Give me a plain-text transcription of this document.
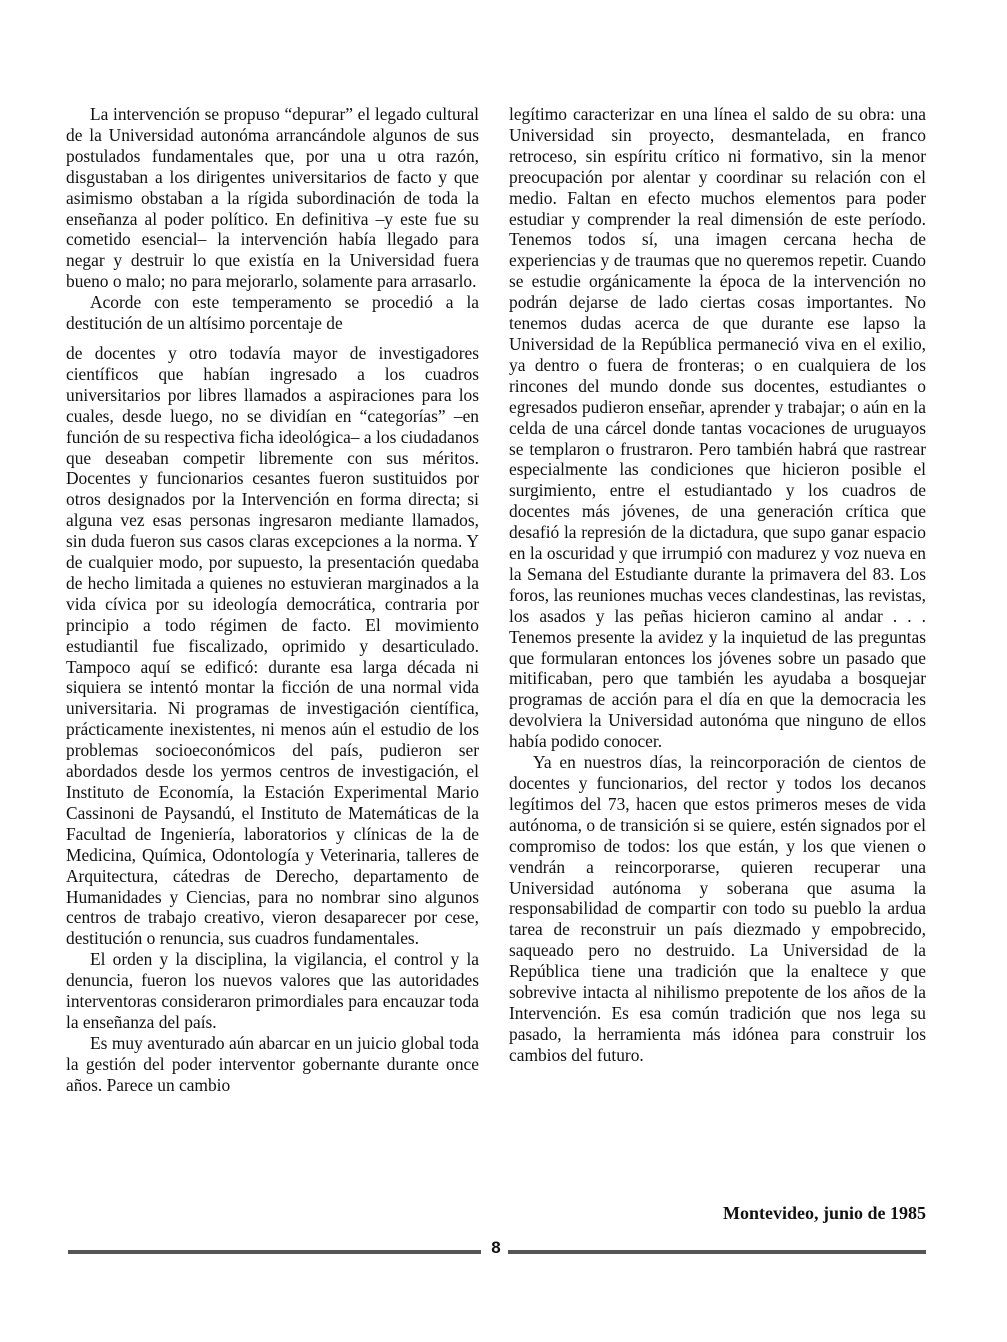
La intervención se propuso “depurar” el legado cultural de la Universidad autonóma arrancándole algunos de sus postulados fundamentales que, por una u otra razón, disgustaban a los dirigentes universitarios de facto y que asimismo obstaban a la rígida subordinación de toda la enseñanza al poder político. En definitiva –y este fue su cometido esencial– la intervención había llegado para negar y destruir lo que existía en la Universidad fuera bueno o malo; no para mejorarlo, solamente para arrasarlo.

Acorde con este temperamento se procedió a la destitución de un altísimo porcentaje de

de docentes y otro todavía mayor de investigadores científicos que habían ingresado a los cuadros universitarios por libres llamados a aspiraciones para los cuales, desde luego, no se dividían en “categorías” –en función de su respectiva ficha ideológica– a los ciudadanos que deseaban competir libremente con sus méritos. Docentes y funcionarios cesantes fueron sustituidos por otros designados por la Intervención en forma directa; si alguna vez esas personas ingresaron mediante llamados, sin duda fueron sus casos claras excepciones a la norma. Y de cualquier modo, por supuesto, la presentación quedaba de hecho limitada a quienes no estuvieran marginados a la vida cívica por su ideología democrática, contraria por principio a todo régimen de facto. El movimiento estudiantil fue fiscalizado, oprimido y desarticulado. Tampoco aquí se edificó: durante esa larga década ni siquiera se intentó montar la ficción de una normal vida universitaria. Ni programas de investigación científica, prácticamente inexistentes, ni menos aún el estudio de los problemas socioeconómicos del país, pudieron ser abordados desde los yermos centros de investigación, el Instituto de Economía, la Estación Experimental Mario Cassinoni de Paysandú, el Instituto de Matemáticas de la Facultad de Ingeniería, laboratorios y clínicas de la de Medicina, Química, Odontología y Veterinaria, talleres de Arquitectura, cátedras de Derecho, departamento de Humanidades y Ciencias, para no nombrar sino algunos centros de trabajo creativo, vieron desaparecer por cese, destitución o renuncia, sus cuadros fundamentales.

El orden y la disciplina, la vigilancia, el control y la denuncia, fueron los nuevos valores que las autoridades interventoras consideraron primordiales para encauzar toda la enseñanza del país.

Es muy aventurado aún abarcar en un juicio global toda la gestión del poder interventor gobernante durante once años. Parece un cambio

legítimo caracterizar en una línea el saldo de su obra: una Universidad sin proyecto, desmantelada, en franco retroceso, sin espíritu crítico ni formativo, sin la menor preocupación por alentar y coordinar su relación con el medio. Faltan en efecto muchos elementos para poder estudiar y comprender la real dimensión de este período. Tenemos todos sí, una imagen cercana hecha de experiencias y de traumas que no queremos repetir. Cuando se estudie orgánicamente la época de la intervención no podrán dejarse de lado ciertas cosas importantes. No tenemos dudas acerca de que durante ese lapso la Universidad de la República permaneció viva en el exilio, ya dentro o fuera de fronteras; o en cualquiera de los rincones del mundo donde sus docentes, estudiantes o egresados pudieron enseñar, aprender y trabajar; o aún en la celda de una cárcel donde tantas vocaciones de uruguayos se templaron o frustraron. Pero también habrá que rastrear especialmente las condiciones que hicieron posible el surgimiento, entre el estudiantado y los cuadros de docentes más jóvenes, de una generación crítica que desafió la represión de la dictadura, que supo ganar espacio en la oscuridad y que irrumpió con madurez y voz nueva en la Semana del Estudiante durante la primavera del 83. Los foros, las reuniones muchas veces clandestinas, las revistas, los asados y las peñas hicieron camino al andar . . . Tenemos presente la avidez y la inquietud de las preguntas que formularan entonces los jóvenes sobre un pasado que mitificaban, pero que también les ayudaba a bosquejar programas de acción para el día en que la democracia les devolviera la Universidad autonóma que ninguno de ellos había podido conocer.

Ya en nuestros días, la reincorporación de cientos de docentes y funcionarios, del rector y todos los decanos legítimos del 73, hacen que estos primeros meses de vida autónoma, o de transición si se quiere, estén signados por el compromiso de todos: los que están, y los que vienen o vendrán a reincorporarse, quieren recuperar una Universidad autónoma y soberana que asuma la responsabilidad de compartir con todo su pueblo la ardua tarea de reconstruir un país diezmado y empobrecido, saqueado pero no destruido. La Universidad de la República tiene una tradición que la enaltece y que sobrevive intacta al nihilismo prepotente de los años de la Intervención. Es esa común tradición que nos lega su pasado, la herramienta más idónea para construir los cambios del futuro.

Montevideo, junio de 1985
8
